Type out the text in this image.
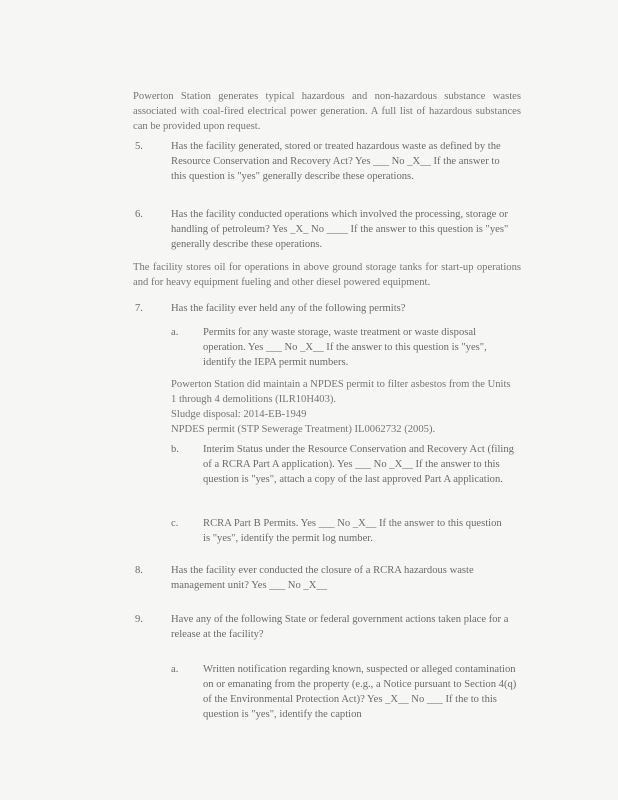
Powerton Station generates typical hazardous and non-hazardous substance wastes associated with coal-fired electrical power generation. A full list of hazardous substances can be provided upon request.

5.	Has the facility generated, stored or treated hazardous waste as defined by the Resource Conservation and Recovery Act? Yes ___ No _X__ If the answer to this question is "yes" generally describe these operations.

6.	Has the facility conducted operations which involved the processing, storage or handling of petroleum? Yes _X_ No ____ If the answer to this question is "yes" generally describe these operations.

The facility stores oil for operations in above ground storage tanks for start-up operations and for heavy equipment fueling and other diesel powered equipment.

7.	Has the facility ever held any of the following permits?

a. Permits for any waste storage, waste treatment or waste disposal operation. Yes ___ No _X__ If the answer to this question is "yes", identify the IEPA permit numbers.

Powerton Station did maintain a NPDES permit to filter asbestos from the Units 1 through 4 demolitions (ILR10H403).
Sludge disposal: 2014-EB-1949
NPDES permit (STP Sewerage Treatment) IL0062732 (2005).

b. Interim Status under the Resource Conservation and Recovery Act (filing of a RCRA Part A application). Yes ___ No _X__ If the answer to this question is "yes", attach a copy of the last approved Part A application.

c. RCRA Part B Permits. Yes ___ No _X__ If the answer to this question is "yes", identify the permit log number.

8.	Has the facility ever conducted the closure of a RCRA hazardous waste management unit? Yes ___ No _X__

9.	Have any of the following State or federal government actions taken place for a release at the facility?

a. Written notification regarding known, suspected or alleged contamination on or emanating from the property (e.g., a Notice pursuant to Section 4(q) of the Environmental Protection Act)? Yes _X__ No ___ If the to this question is "yes", identify the caption
